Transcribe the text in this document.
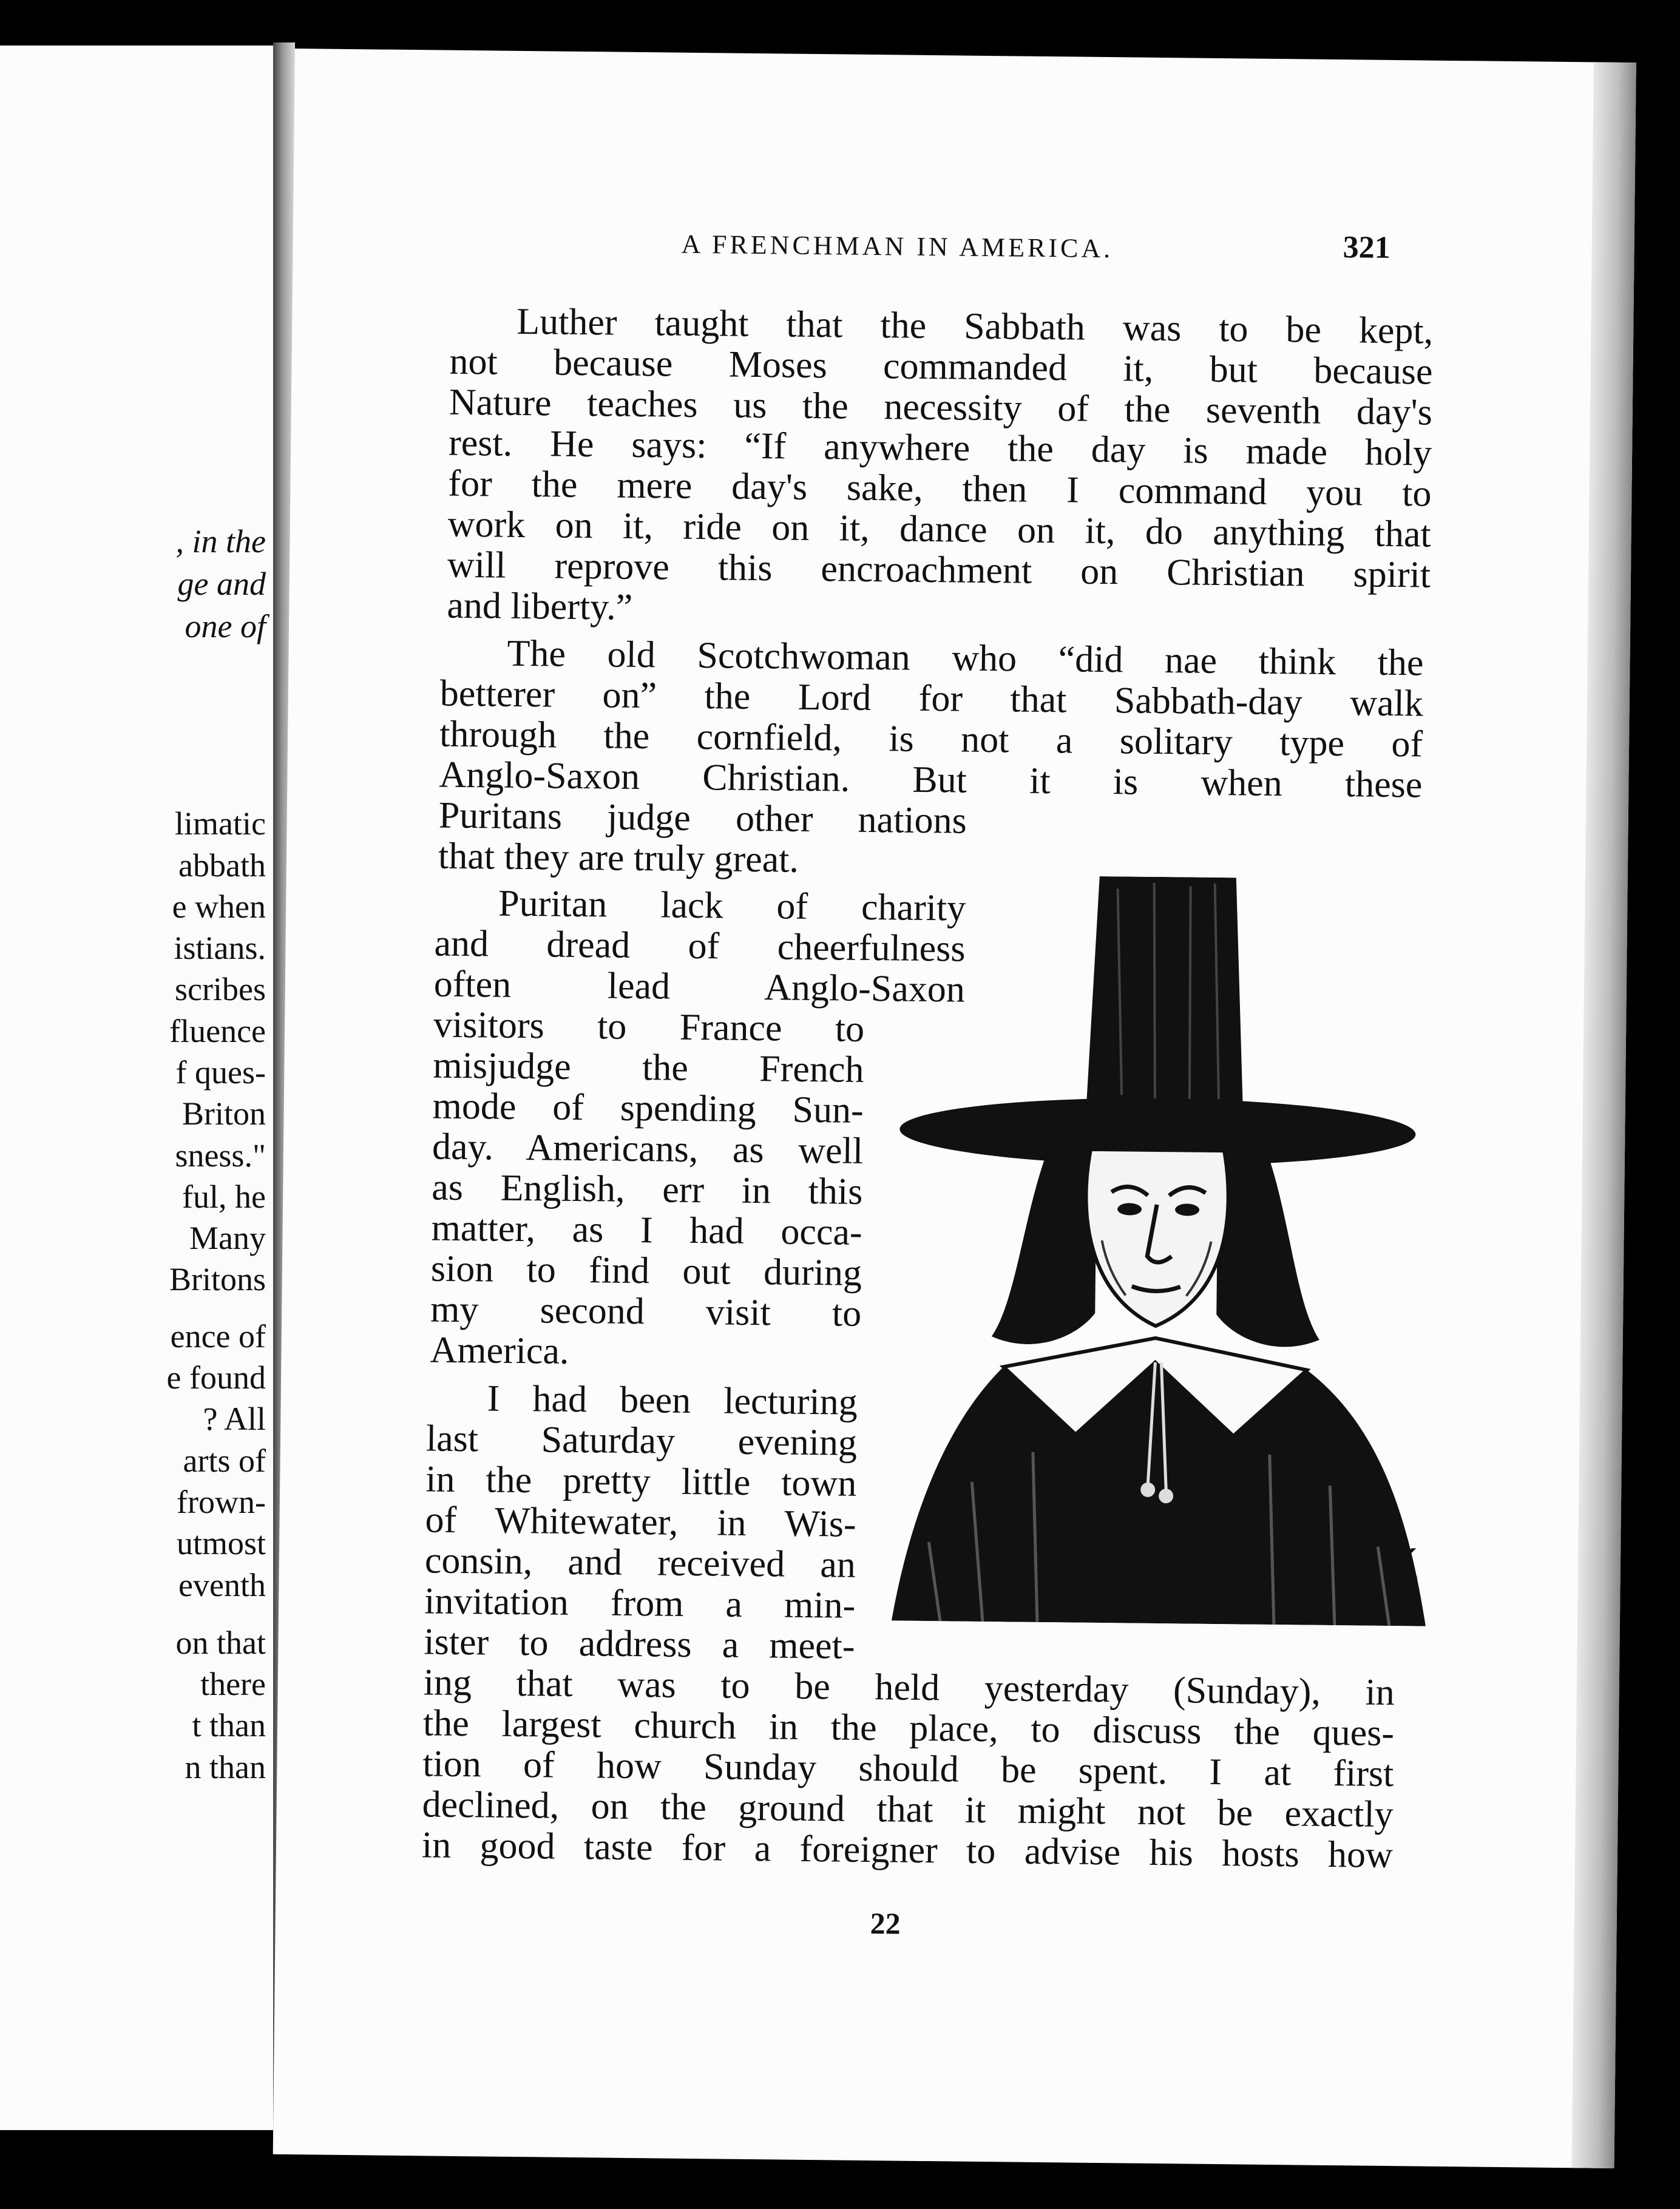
, in the
ge and
one of
limatic
abbath
e when
istians.
scribes
fluence
f ques-
Briton
sness."
ful, he
Many
Britons
ence of
e found
? All
arts of
frown-
utmost
eventh
on that
there
t than
n than
A FRENCHMAN IN AMERICA.	321
Luther taught that the Sabbath was to be kept,
not because Moses commanded it, but because
Nature teaches us the necessity of the seventh day's
rest. He says: “If anywhere the day is made holy
for the mere day's sake, then I command you to
work on it, ride on it, dance on it, do anything that
will reprove this encroachment on Christian spirit
and liberty.”
The old Scotchwoman who “did nae think the
betterer on” the Lord for that Sabbath-day walk
through the cornfield, is not a solitary type of
Anglo-Saxon Christian. But it is when these
Puritans judge other nations
that they are truly great.
Puritan lack of charity
and dread of cheerfulness
often lead Anglo-Saxon
visitors to France to
misjudge the French
mode of spending Sun-
day. Americans, as well
as English, err in this
matter, as I had occa-
sion to find out during
my second visit to
America.
I had been lecturing
last Saturday evening
in the pretty little town
of Whitewater, in Wis-
consin, and received an
invitation from a min-
ister to address a meet-
ing that was to be held yesterday (Sunday), in
the largest church in the place, to discuss the ques-
tion of how Sunday should be spent. I at first
declined, on the ground that it might not be exactly
in good taste for a foreigner to advise his hosts how
22
K
